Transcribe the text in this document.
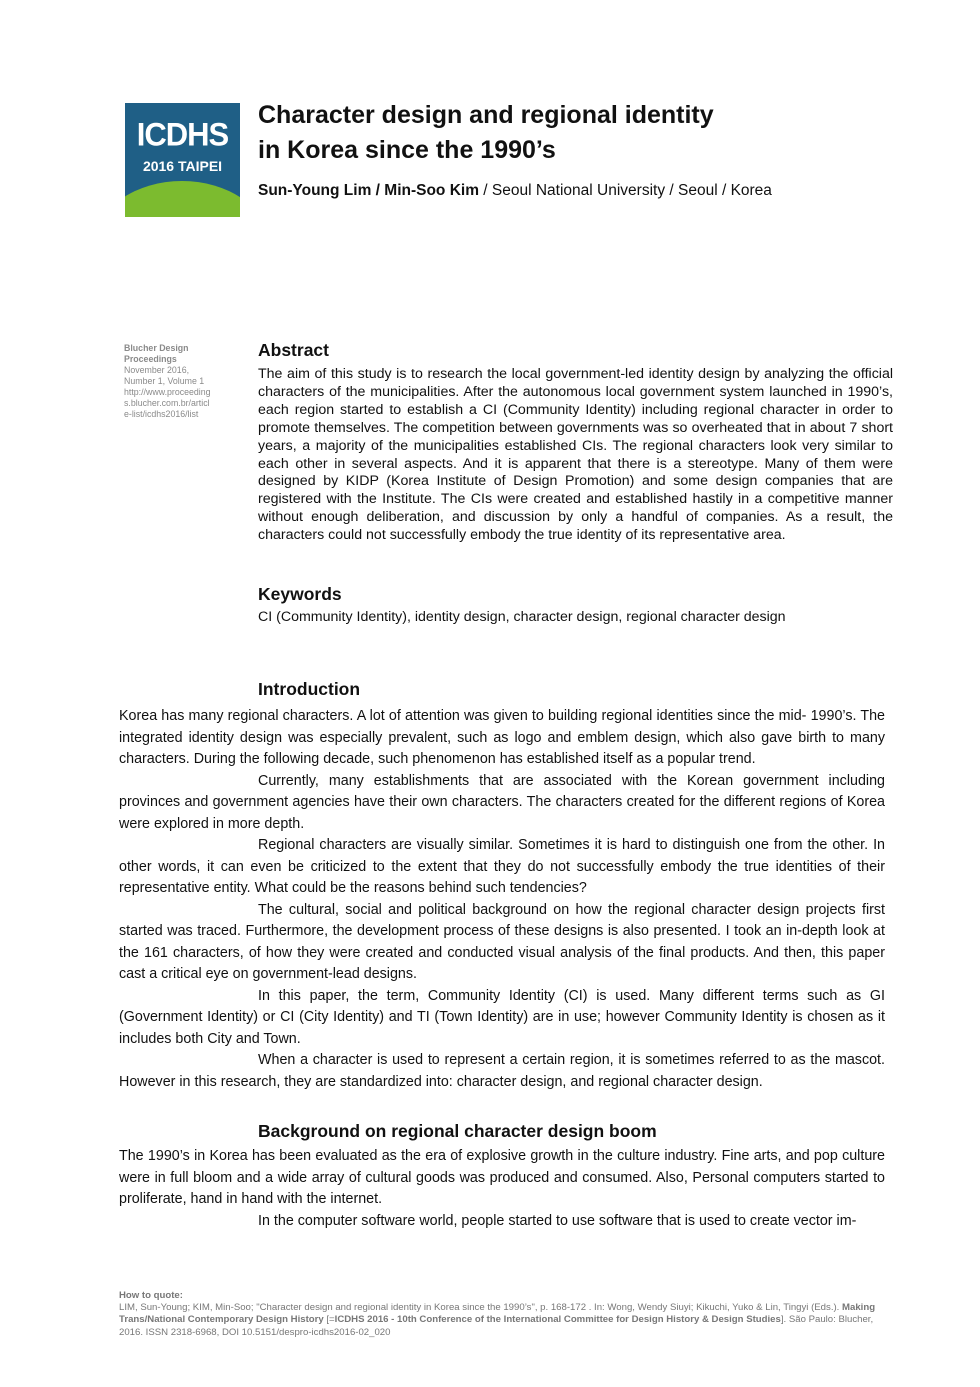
ICDHS
2016 TAIPEI
Character design and regional identity
in Korea since the 1990’s
Sun-Young Lim / Min-Soo Kim / Seoul National University / Seoul / Korea
Blucher Design
Proceedings
November 2016,
Number 1, Volume 1
http://www.proceeding
s.blucher.com.br/articl
e-list/icdhs2016/list
Abstract

The aim of this study is to research the local government-led identity design by analyzing the official characters of the municipalities. After the autonomous local government system launched in 1990’s, each region started to establish a CI (Community Identity) including regional character in order to promote themselves. The competition between governments was so overheated that in about 7 short years, a majority of the municipalities established CIs. The regional characters look very similar to each other in several aspects. And it is apparent that there is a stereotype. Many of them were designed by KIDP (Korea Institute of Design Promotion) and some design companies that are registered with the Institute. The CIs were created and established hastily in a competitive manner without enough deliberation, and discussion by only a handful of companies. As a result, the characters could not successfully embody the true identity of its representative area.

Keywords

CI (Community Identity), identity design, character design, regional character design

Introduction

Korea has many regional characters. A lot of attention was given to building regional identities since the mid- 1990’s. The integrated identity design was especially prevalent, such as logo and emblem design, which also gave birth to many characters. During the following decade, such phenomenon has established itself as a popular trend.

Currently, many establishments that are associated with the Korean government including provinces and government agencies have their own characters. The characters created for the different regions of Korea were explored in more depth.

Regional characters are visually similar. Sometimes it is hard to distinguish one from the other. In other words, it can even be criticized to the extent that they do not successfully embody the true identities of their representative entity. What could be the reasons behind such tendencies?

The cultural, social and political background on how the regional character design projects first started was traced. Furthermore, the development process of these designs is also presented. I took an in-depth look at the 161 characters, of how they were created and conducted visual analysis of the final products. And then, this paper cast a critical eye on government-lead designs.

In this paper, the term, Community Identity (CI) is used. Many different terms such as GI (Government Identity) or CI (City Identity) and TI (Town Identity) are in use; however Community Identity is chosen as it includes both City and Town.

When a character is used to represent a certain region, it is sometimes referred to as the mascot. However in this research, they are standardized into: character design, and regional character design.

Background on regional character design boom

The 1990’s in Korea has been evaluated as the era of explosive growth in the culture industry. Fine arts, and pop culture were in full bloom and a wide array of cultural goods was produced and consumed. Also, Personal computers started to proliferate, hand in hand with the internet.

In the computer software world, people started to use software that is used to create vector im-

How to quote:
LIM, Sun-Young; KIM, Min-Soo; "Character design and regional identity in Korea since the 1990’s", p. 168-172 . In: Wong, Wendy Siuyi; Kikuchi, Yuko & Lin, Tingyi (Eds.). Making Trans/National Contemporary Design History [=ICDHS 2016 - 10th Conference of the International Committee for Design History & Design Studies]. São Paulo: Blucher, 2016. ISSN 2318-6968, DOI 10.5151/despro-icdhs2016-02_020
